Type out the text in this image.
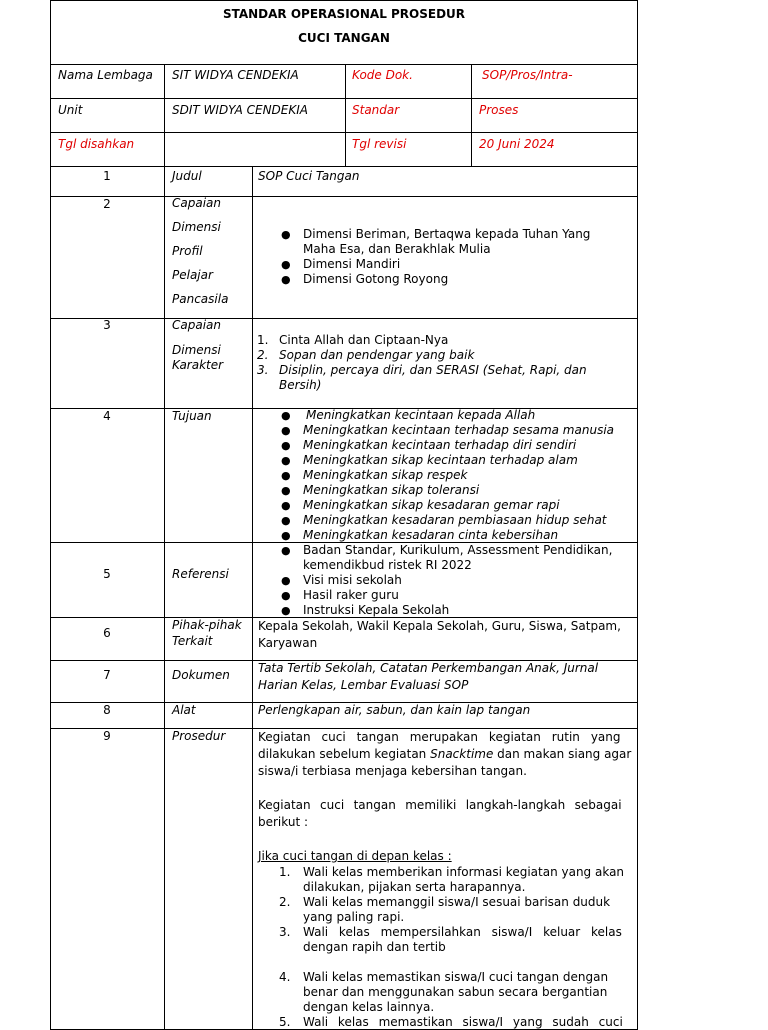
STANDAR OPERASIONAL PROSEDUR
CUCI TANGAN
Nama Lembaga SIT WIDYA CENDEKIA	Kode Dok.	SOP/Pros/Intra-
Unit	SDIT WIDYA CENDEKIA	Standar	Proses
Tgl disahkan	Tgl revisi	20 Juni 2024
1	Judul	SOP Cuci Tangan
2	Capaian
Dimensi
Profil
Pelajar
Pancasila
● Dimensi Beriman, Bertaqwa kepada Tuhan Yang
Maha Esa, dan Berakhlak Mulia
● Dimensi Mandiri
● Dimensi Gotong Royong
3	Capaian
Dimensi
Karakter
1. Cinta Allah dan Ciptaan-Nya
2. Sopan dan pendengar yang baik
3. Disiplin, percaya diri, dan SERASI (Sehat, Rapi, dan
Bersih)
4	Tujuan
●	Meningkatkan kecintaan kepada Allah
● Meningkatkan kecintaan terhadap sesama manusia
● Meningkatkan kecintaan terhadap diri sendiri
● Meningkatkan sikap kecintaan terhadap alam
● Meningkatkan sikap respek
● Meningkatkan sikap toleransi
● Meningkatkan sikap kesadaran gemar rapi
● Meningkatkan kesadaran pembiasaan hidup sehat
● Meningkatkan kesadaran cinta kebersihan
5	Referensi
● Badan Standar, Kurikulum, Assessment Pendidikan,
kemendikbud ristek RI 2022
● Visi misi sekolah
● Hasil raker guru
● Instruksi Kepala Sekolah
6
Pihak-pihak
Terkait
Kepala Sekolah, Wakil Kepala Sekolah, Guru, Siswa, Satpam,
Karyawan
7	Dokumen Tata Tertib Sekolah, Catatan Perkembangan Anak, Jurnal
Harian Kelas, Lembar Evaluasi SOP
8	Alat	Perlengkapan air, sabun, dan kain lap tangan
9	Prosedur	Kegiatan cuci tangan merupakan kegiatan rutin yang
dilakukan sebelum kegiatan Snacktime dan makan siang agar
siswa/i terbiasa menjaga kebersihan tangan.
Kegiatan cuci tangan memiliki langkah-langkah sebagai
berikut :
Jika cuci tangan di depan kelas :
1. Wali kelas memberikan informasi kegiatan yang akan
dilakukan, pijakan serta harapannya.
2. Wali kelas memanggil siswa/I sesuai barisan duduk
yang paling rapi.
3. Wali kelas mempersilahkan siswa/I keluar kelas
dengan rapih dan tertib
4. Wali kelas memastikan siswa/I cuci tangan dengan
benar dan menggunakan sabun secara bergantian
dengan kelas lainnya.
5. Wali kelas memastikan siswa/I yang sudah cuci
